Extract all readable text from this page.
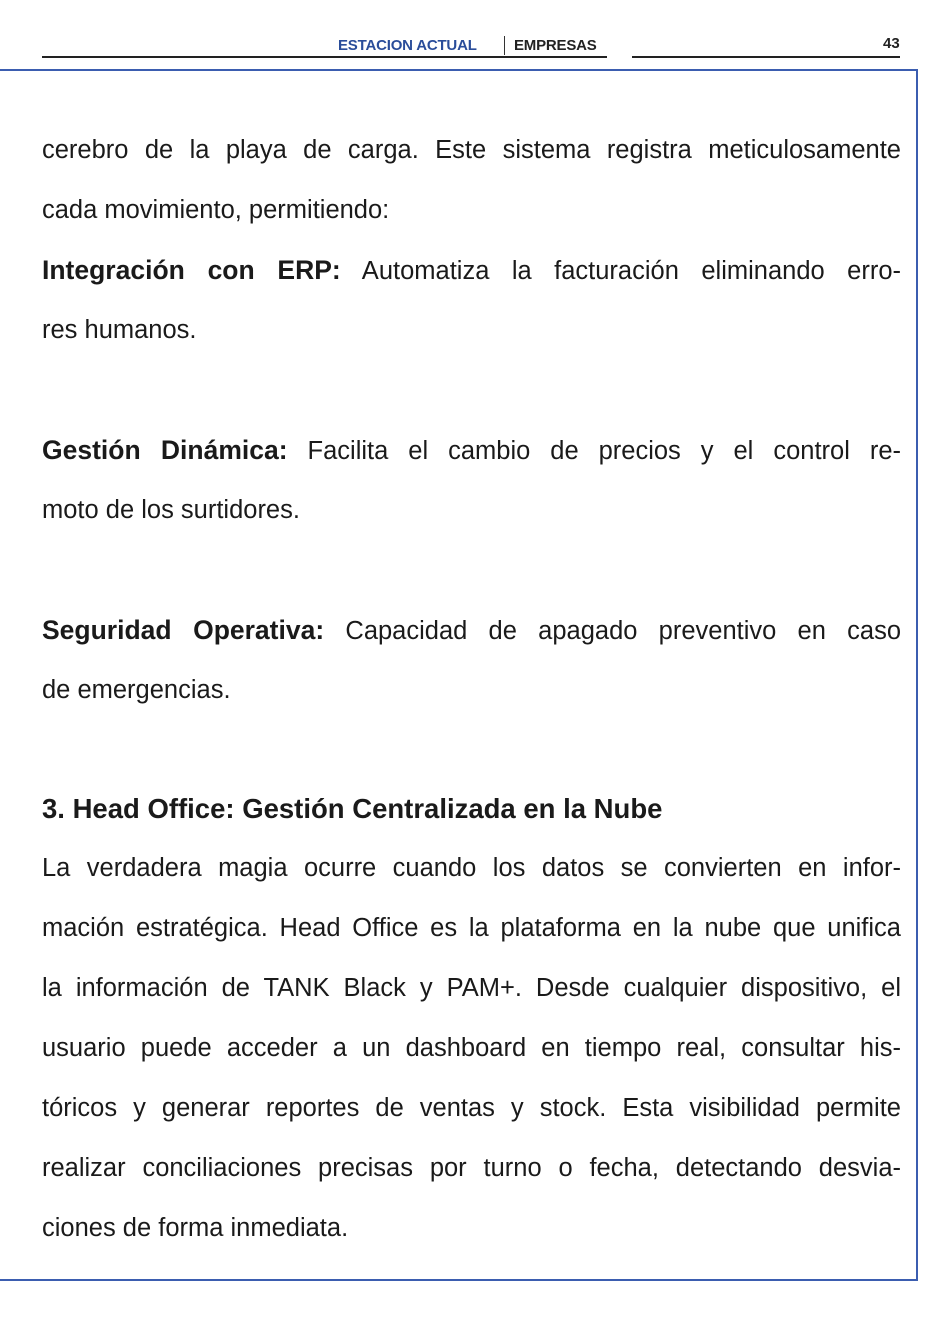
ESTACION ACTUAL EMPRESAS	43
cerebro de la playa de carga. Este sistema registra meticulosamente
cada movimiento, permitiendo:
Integración con ERP: Automatiza la facturación eliminando erro-
res humanos.
Gestión Dinámica: Facilita el cambio de precios y el control re-
moto de los surtidores.
Seguridad Operativa: Capacidad de apagado preventivo en caso
de emergencias.
3. Head Office: Gestión Centralizada en la Nube
La verdadera magia ocurre cuando los datos se convierten en infor-
mación estratégica. Head Office es la plataforma en la nube que unifica
la información de TANK Black y PAM+. Desde cualquier dispositivo, el
usuario puede acceder a un dashboard en tiempo real, consultar his-
tóricos y generar reportes de ventas y stock. Esta visibilidad permite
realizar conciliaciones precisas por turno o fecha, detectando desvia-
ciones de forma inmediata.
